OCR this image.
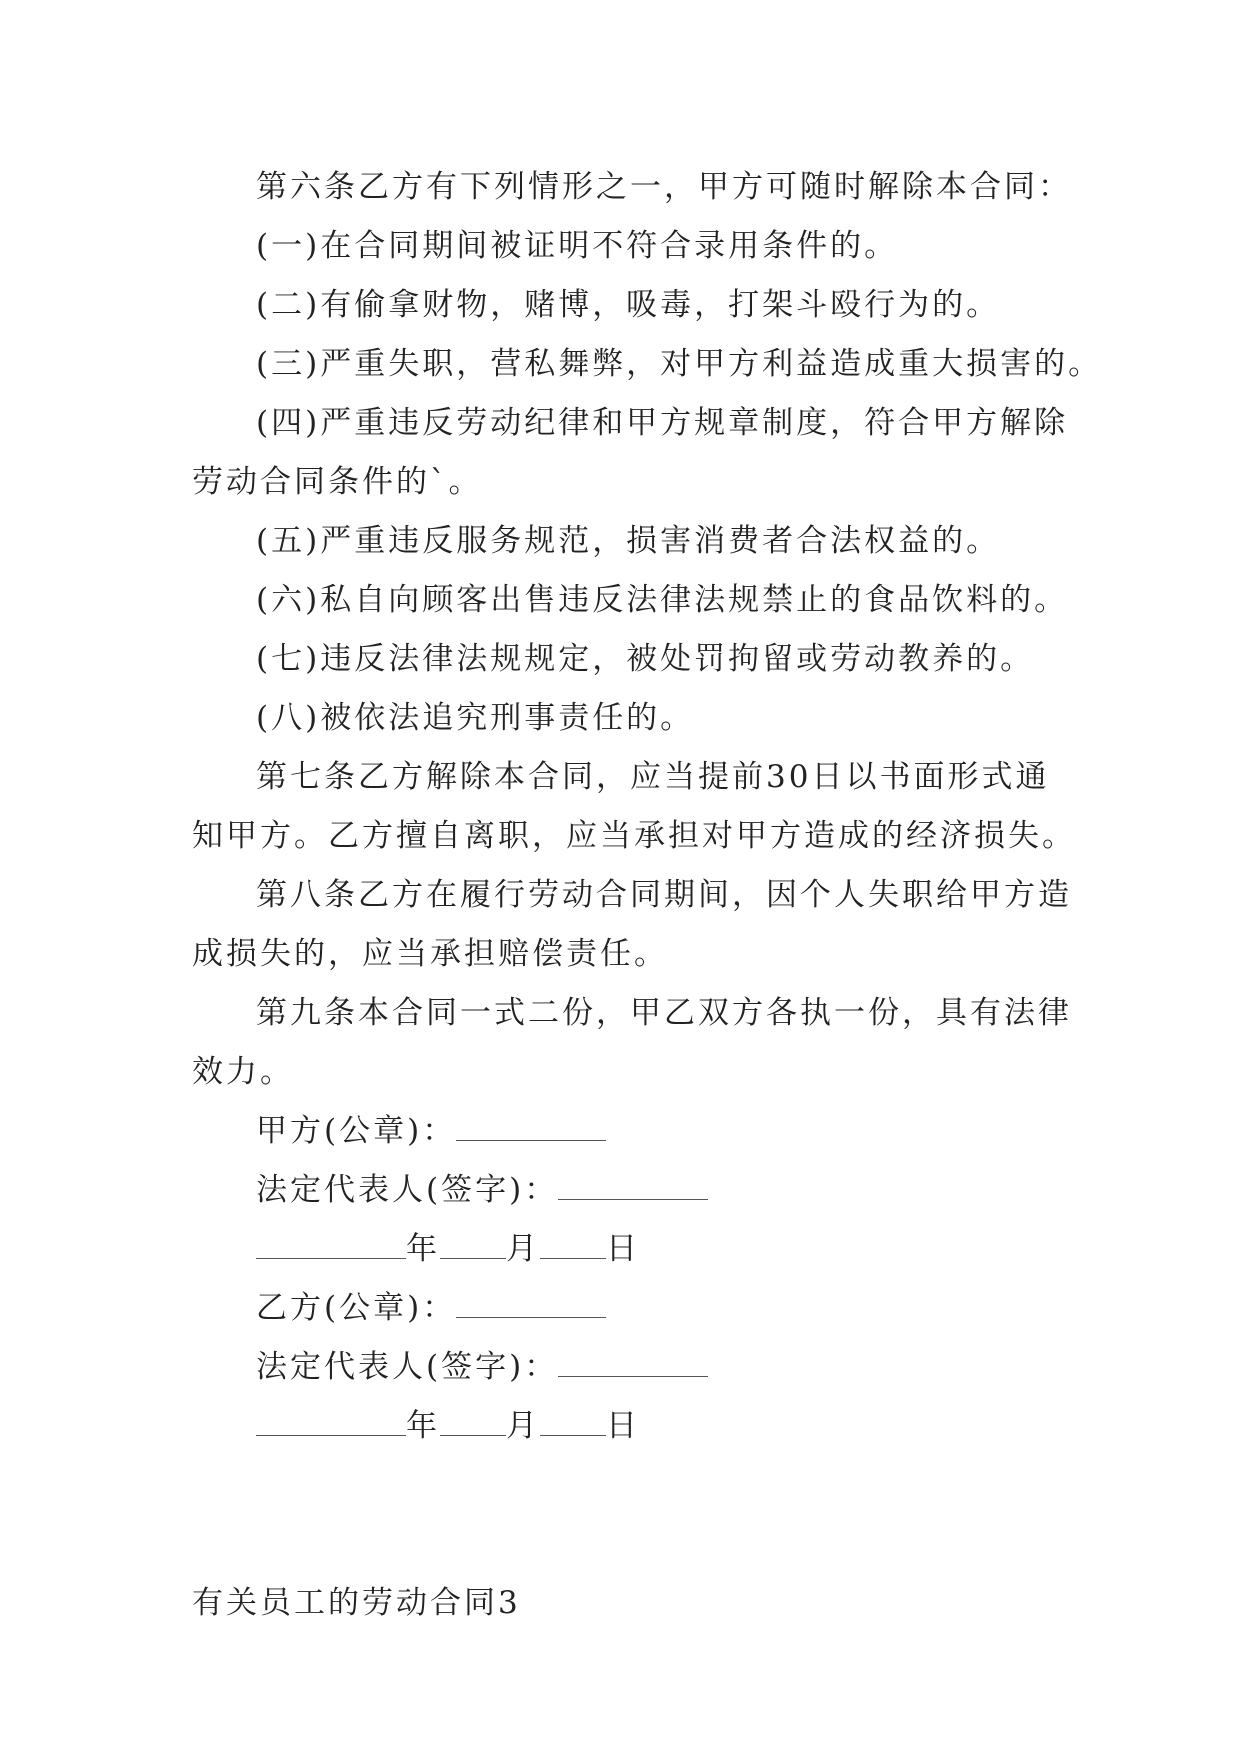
第六条乙方有下列情形之一，甲方可随时解除本合同：
(一)在合同期间被证明不符合录用条件的。
(二)有偷拿财物，赌博，吸毒，打架斗殴行为的。
(三)严重失职，营私舞弊，对甲方利益造成重大损害的。
(四)严重违反劳动纪律和甲方规章制度，符合甲方解除
劳动合同条件的`。
(五)严重违反服务规范，损害消费者合法权益的。
(六)私自向顾客出售违反法律法规禁止的食品饮料的。
(七)违反法律法规规定，被处罚拘留或劳动教养的。
(八)被依法追究刑事责任的。
第七条乙方解除本合同，应当提前30日以书面形式通
知甲方。乙方擅自离职，应当承担对甲方造成的经济损失。
第八条乙方在履行劳动合同期间，因个人失职给甲方造
成损失的，应当承担赔偿责任。
第九条本合同一式二份，甲乙双方各执一份，具有法律
效力。
甲方(公章)：
法定代表人(签字)：
年 月 日
乙方(公章)：
法定代表人(签字)：
年 月 日
有关员工的劳动合同3
